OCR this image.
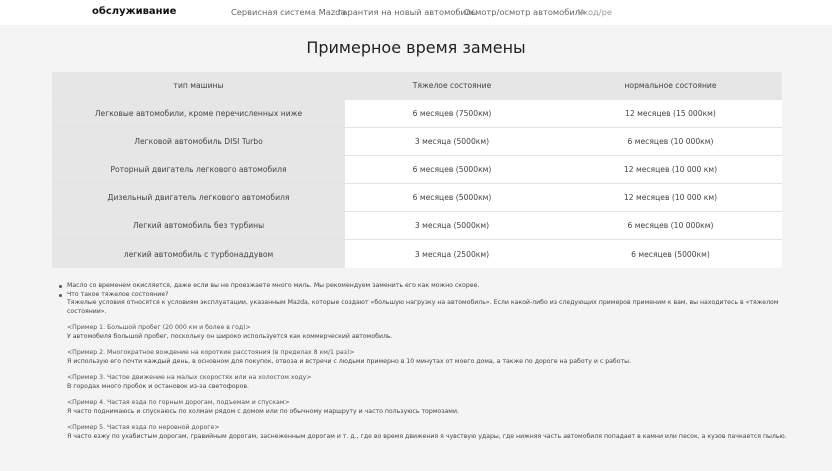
обслуживание	Сервисная система Mazda
гарантия на новый автомобиль
Осмотр/осмотр автомобиля
Уход/ре
Примерное время замены
тип машины	Тяжелое состояние	нормальное состояние
Легковые автомобили, кроме перечисленных ниже	6 месяцев (7500км)	12 месяцев (15 000км)
Легковой автомобиль DISI Turbo	3 месяца (5000км)	6 месяцев (10 000км)
Роторный двигатель легкового автомобиля	6 месяцев (5000км)	12 месяцев (10 000 км)
Дизельный двигатель легкового автомобиля	6 месяцев (5000км)	12 месяцев (10 000 км)
Легкий автомобиль без турбины	3 месяца (5000км)	6 месяцев (10 000км)
легкий автомобиль с турбонаддувом	3 месяца (2500км)	6 месяцев (5000км)
Масло со временем окисляется, даже если вы не проезжаете много миль. Мы рекомендуем заменить его как можно скорее.
Что такое тяжелое состояние?
Тяжелые условия относятся к условиям эксплуатации, указанным Mazda, которые создают «большую нагрузку на автомобиль». Если какой-либо из следующих примеров применим к вам, вы находитесь в «тяжелом состоянии».
<Пример 1. Большой пробег (20 000 км и более в год)>
У автомобиля большой пробег, поскольку он широко используется как коммерческий автомобиль.
<Пример 2. Многократное вождение на короткие расстояния (в пределах 8 км/1 раз)>
Я использую его почти каждый день, в основном для покупок, отвоза и встречи с людьми примерно в 10 минутах от моего дома, а также по дороге на работу и с работы.
<Пример 3. Частое движение на малых скоростях или на холостом ходу>
В городах много пробок и остановок из-за светофоров.
<Пример 4. Частая езда по горным дорогам, подъемам и спускам>
Я часто поднимаюсь и спускаюсь по холмам рядом с домом или по обычному маршруту и часто пользуюсь тормозами.
<Пример 5. Частая езда по неровной дороге>
Я часто езжу по ухабистым дорогам, гравийным дорогам, заснеженным дорогам и т. д., где во время движения я чувствую удары, где нижняя часть автомобиля попадает в камни или песок, а кузов пачкается пылью.
